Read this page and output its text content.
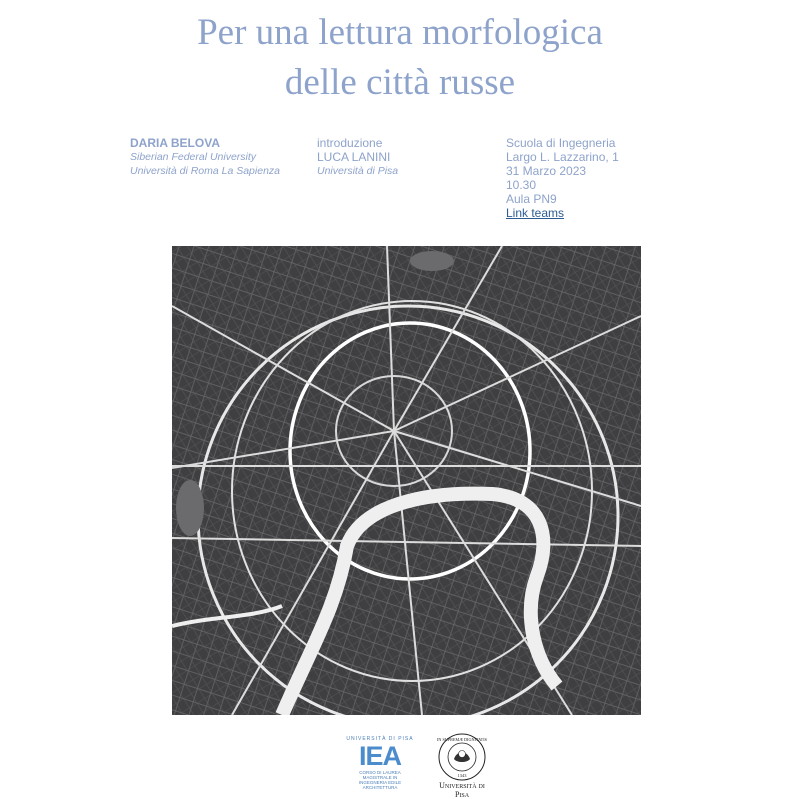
Per una lettura morfologica
delle città russe
DARIA BELOVA
Siberian Federal University
Università di Roma La Sapienza
introduzione
LUCA LANINI
Università di Pisa
Scuola di Ingegneria
Largo L. Lazzarino, 1
31 Marzo 2023
10.30
Aula PN9
Link teams
UNIVERSITÀ DI PISA
IEA
CORSO DI LAUREA
MAGISTRALE IN
INGEGNERIA EDILE
ARCHITETTURA
IN SUPREMÆ DIGNITATIS
1343
Università di Pisa
